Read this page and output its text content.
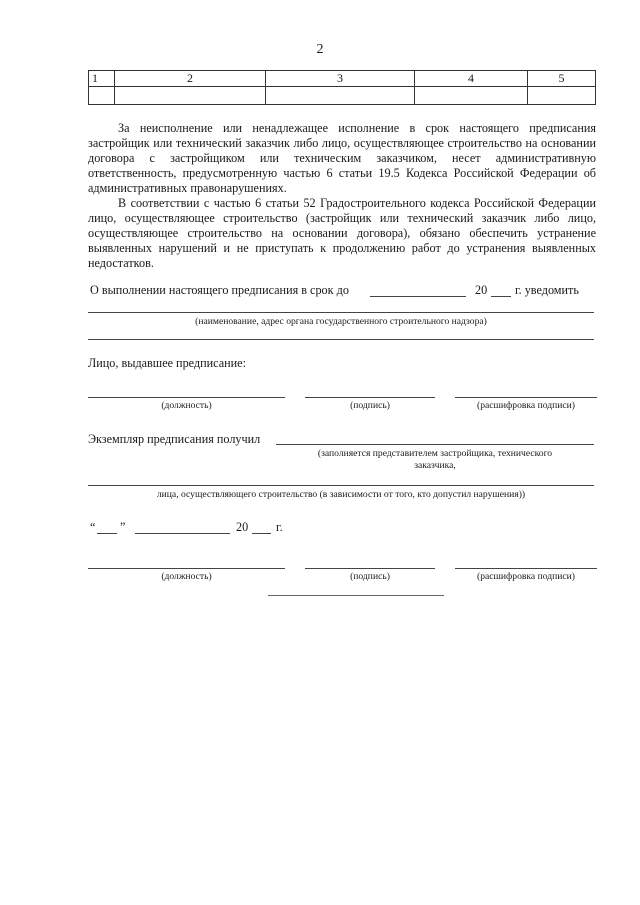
2
1	2	3	4	5

За неисполнение или ненадлежащее исполнение в срок настоящего предписания застройщик или технический заказчик либо лицо, осуществляющее строительство на основании договора с застройщиком или техническим заказчиком, несет административную ответственность, предусмотренную частью 6 статьи 19.5 Кодекса Российской Федерации об административных правонарушениях.

В соответствии с частью 6 статьи 52 Градостроительного кодекса Российской Федерации лицо, осуществляющее строительство (застройщик или технический заказчик либо лицо, осуществляющее строительство на основании договора), обязано обеспечить устранение выявленных нарушений и не приступать к продолжению работ до устранения выявленных недостатков.

О выполнении настоящего предписания в срок до	20 г. уведомить
(наименование, адрес органа государственного строительного надзора)
Лицо, выдавшее предписание:
(должность)	(подпись)	(расшифровка подписи)
Экземпляр предписания получил
(заполняется представителем застройщика, технического
заказчика,
лица, осуществляющего строительство (в зависимости от того, кто допустил нарушения))
“ ”	20 г.
(должность)	(подпись)	(расшифровка подписи)
